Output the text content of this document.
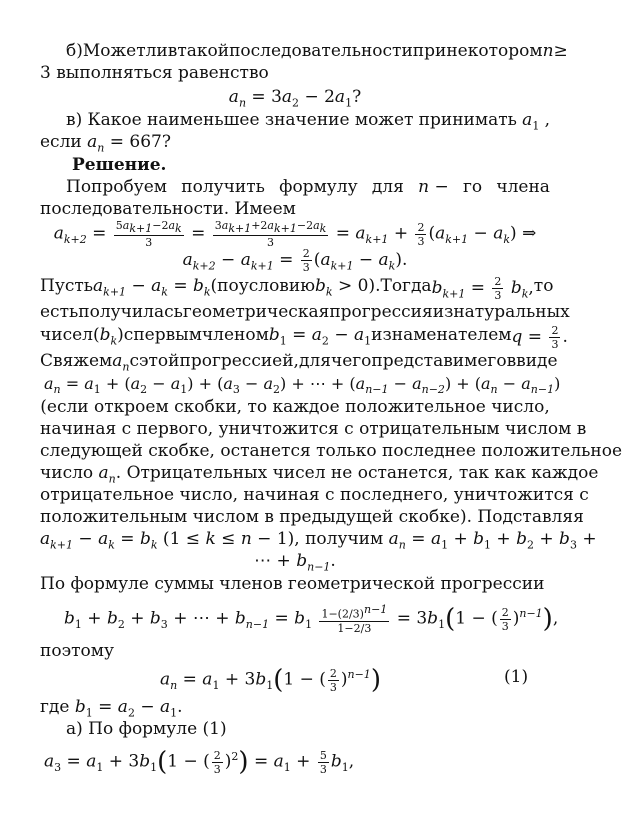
б) Может ли в такой последовательности при некотором n≥
3 выполняться равенство
$a_n = 3a_2 - 2a_1$?
в) Какое наименьшее значение может принимать $a_1$ ,
если $a_n = 667$?
Решение.
Попробуем получить формулу для n − го члена
последовательности. Имеем
$a_{k+2} = \frac{5a_{k+1}-2a_k}{3} = \frac{3a_{k+1}+2a_{k+1}-2a_k}{3} = a_{k+1} + \frac{2}{3} (a_{k+1} - a_k)$ ⇒
$a_{k+2} - a_{k+1} = \frac{2}{3} (a_{k+1} - a_k)$.
Пусть $a_{k+1} - a_k = b_k$ (по условию $b_k > 0$). Тогда $b_{k+1} = \frac{2}{3} b_k$, то
есть получилась геометрическая прогрессия из натуральных
чисел $(b_k)$ с первым членом $b_1 = a_2 - a_1$ и знаменателем $q = \frac{2}{3}$ .
Свяжем $a_n$ с этой прогрессией, для чего представим его в виде
$a_n = a_1 + (a_2 - a_1) + (a_3 - a_2)$ + ⋯ + $(a_{n-1} - a_{n-2}) + (a_n - a_{n-1})$
(если откроем скобки, то каждое положительное число,
начиная с первого, уничтожится с отрицательным числом в
следующей скобке, останется только последнее положительное
число $a_n$. Отрицательных чисел не останется, так как каждое
отрицательное число, начиная с последнего, уничтожится с
положительным числом в предыдущей скобке). Подставляя
$a_{k+1} - a_k = b_k$ (1 ≤ k ≤ n − 1), получим $a_n = a_1 + b_1 + b_2 + b_3$ +
⋯ + $b_{n-1}$.
По формуле суммы членов геометрической прогрессии
$b_1 + b_2 + b_3$ + ⋯ + $b_{n-1} = b_1 \frac{1-(2/3)^{n-1}}{1-2/3} = 3b_1(1$ − ( $\frac{2}{3} )^{n-1}$),
поэтому
$a_n = a_1 + 3b_1(1$ − ( $\frac{2}{3} )^{n-1}$)	(1)
где $b_1 = a_2 - a_1$.
а) По формуле (1)
$a_3 = a_1 + 3b_1(1$ − ( $\frac{2}{3} )^2) = a_1 + \frac{5}{3} b_1$,
